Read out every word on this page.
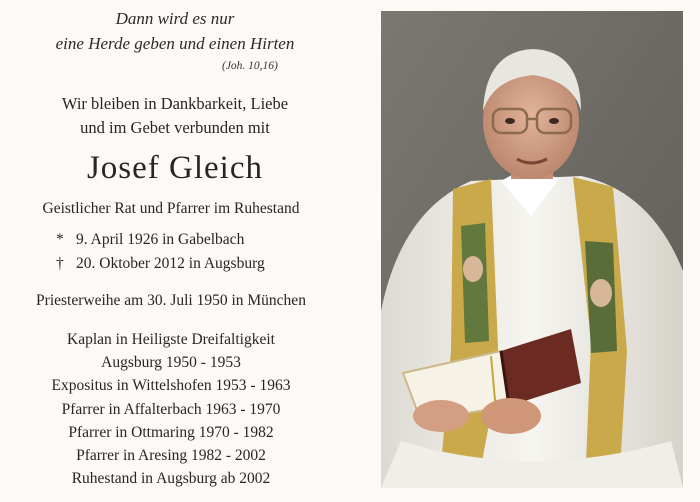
Dann wird es nur
eine Herde geben und einen Hirten
(Joh. 10,16)
Wir bleiben in Dankbarkeit, Liebe
und im Gebet verbunden mit
Josef Gleich
Geistlicher Rat und Pfarrer im Ruhestand
* 9. April 1926 in Gabelbach
† 20. Oktober 2012 in Augsburg
Priesterweihe am 30. Juli 1950 in München
Kaplan in Heiligste Dreifaltigkeit
Augsburg 1950 - 1953
Expositus in Wittelshofen 1953 - 1963
Pfarrer in Affalterbach 1963 - 1970
Pfarrer in Ottmaring 1970 - 1982
Pfarrer in Aresing 1982 - 2002
Ruhestand in Augsburg ab 2002
